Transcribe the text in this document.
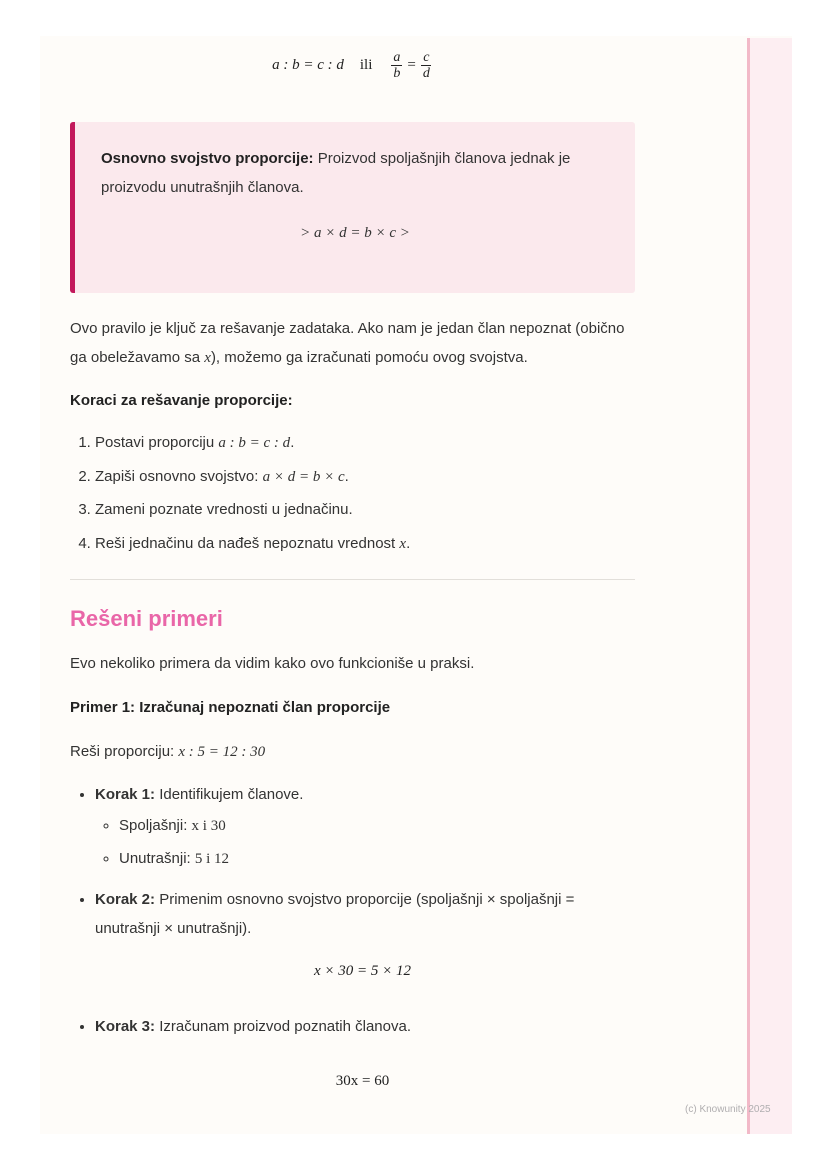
a : b = c : d ili $\frac{a}{b} = \frac{c}{d}$

Osnovno svojstvo proporcije: Proizvod spoljašnjih članova jednak je proizvodu unutrašnjih članova.

> a × d = b × c >

Ovo pravilo je ključ za rešavanje zadataka. Ako nam je jedan član nepoznat (obično ga obeležavamo sa x), možemo ga izračunati pomoću ovog svojstva.

Koraci za rešavanje proporcije:

1. Postavi proporciju a : b = c : d.
2. Zapiši osnovno svojstvo: a × d = b × c.
3. Zameni poznate vrednosti u jednačinu.
4. Reši jednačinu da nađeš nepoznatu vrednost x.
Rešeni primeri

Evo nekoliko primera da vidim kako ovo funkcioniše u praksi.

Primer 1: Izračunaj nepoznati član proporcije

Reši proporciju: x : 5 = 12 : 30

• Korak 1: Identifikujem članove.
◦ Spoljašnji: x i 30
◦ Unutrašnji: 5 i 12
• Korak 2: Primenim osnovno svojstvo proporcije (spoljašnji × spoljašnji = unutrašnji × unutrašnji).
x × 30 = 5 × 12
• Korak 3: Izračunam proizvod poznatih članova.
30x = 60
(c) Knowunity 2025
